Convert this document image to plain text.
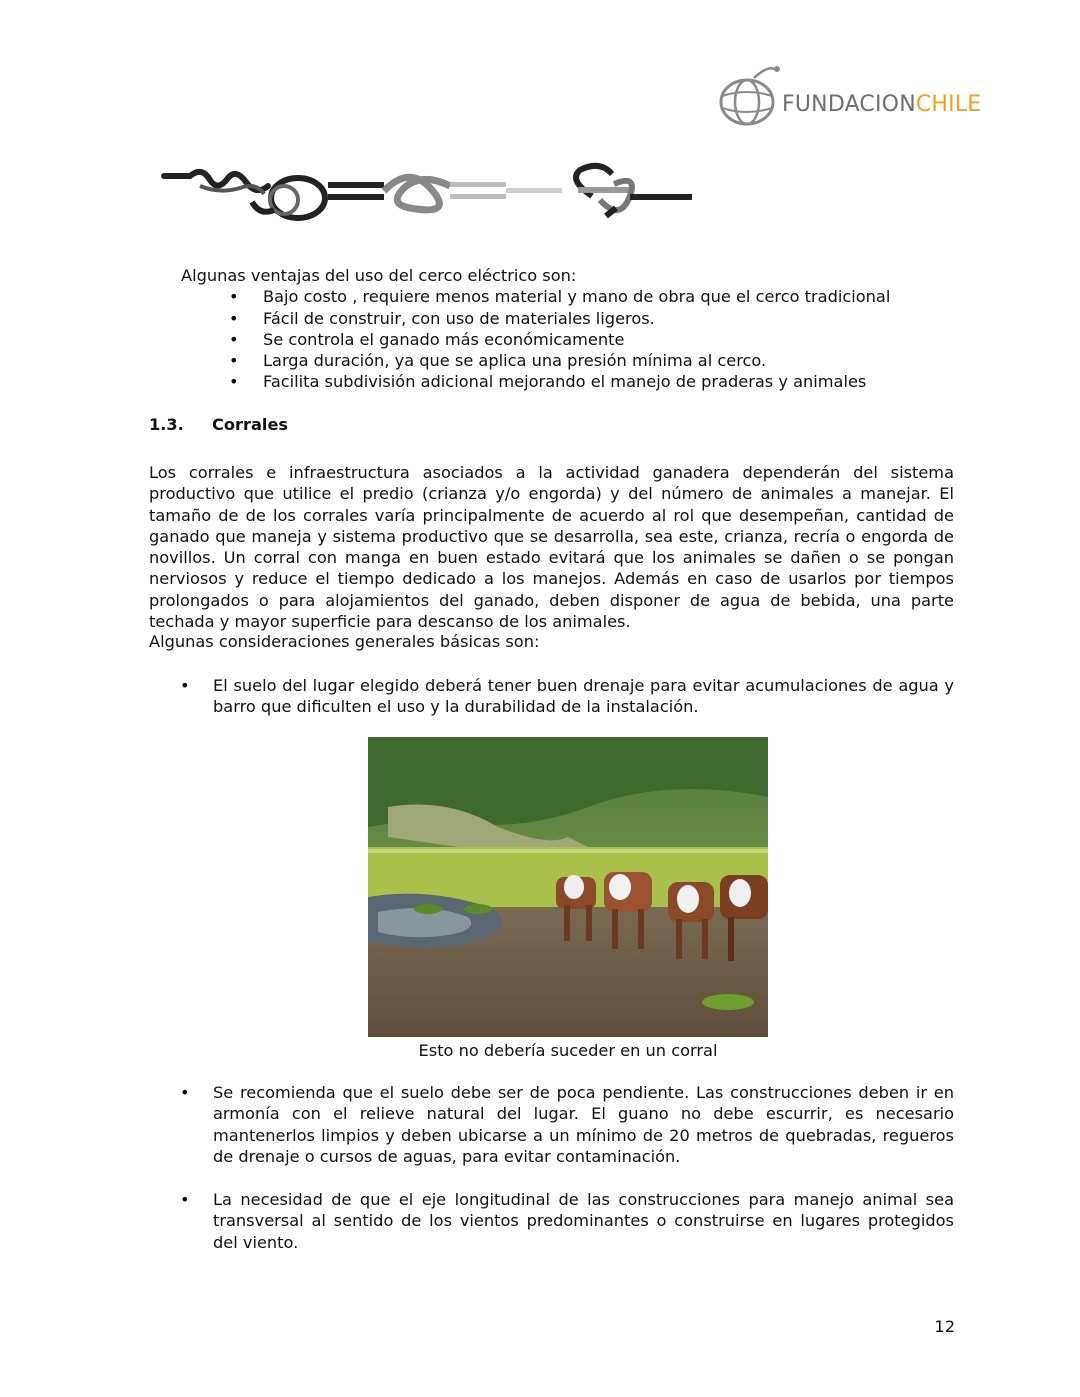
FUNDACIONCHILE

Algunas ventajas del uso del cerco eléctrico son:

• Bajo costo , requiere menos material y mano de obra que el cerco tradicional
• Fácil de construir, con uso de materiales ligeros.
• Se controla el ganado más económicamente
• Larga duración, ya que se aplica una presión mínima al cerco.
• Facilita subdivisión adicional mejorando el manejo de praderas y animales
1.3. Corrales

Los corrales e infraestructura asociados a la actividad ganadera dependerán del sistema productivo que utilice el predio (crianza y/o engorda) y del número de animales a manejar. El tamaño de de los corrales varía principalmente de acuerdo al rol que desempeñan, cantidad de ganado que maneja y sistema productivo que se desarrolla, sea este, crianza, recría o engorda de novillos. Un corral con manga en buen estado evitará que los animales se dañen o se pongan nerviosos y reduce el tiempo dedicado a los manejos. Además en caso de usarlos por tiempos prolongados o para alojamientos del ganado, deben disponer de agua de bebida, una parte techada y mayor superficie para descanso de los animales.

Algunas consideraciones generales básicas son:

• El suelo del lugar elegido deberá tener buen drenaje para evitar acumulaciones de agua y barro que dificulten el uso y la durabilidad de la instalación.
Esto no debería suceder en un corral
• Se recomienda que el suelo debe ser de poca pendiente. Las construcciones deben ir en armonía con el relieve natural del lugar. El guano no debe escurrir, es necesario mantenerlos limpios y deben ubicarse a un mínimo de 20 metros de quebradas, regueros de drenaje o cursos de aguas, para evitar contaminación.
• La necesidad de que el eje longitudinal de las construcciones para manejo animal sea transversal al sentido de los vientos predominantes o construirse en lugares protegidos del viento.
12
